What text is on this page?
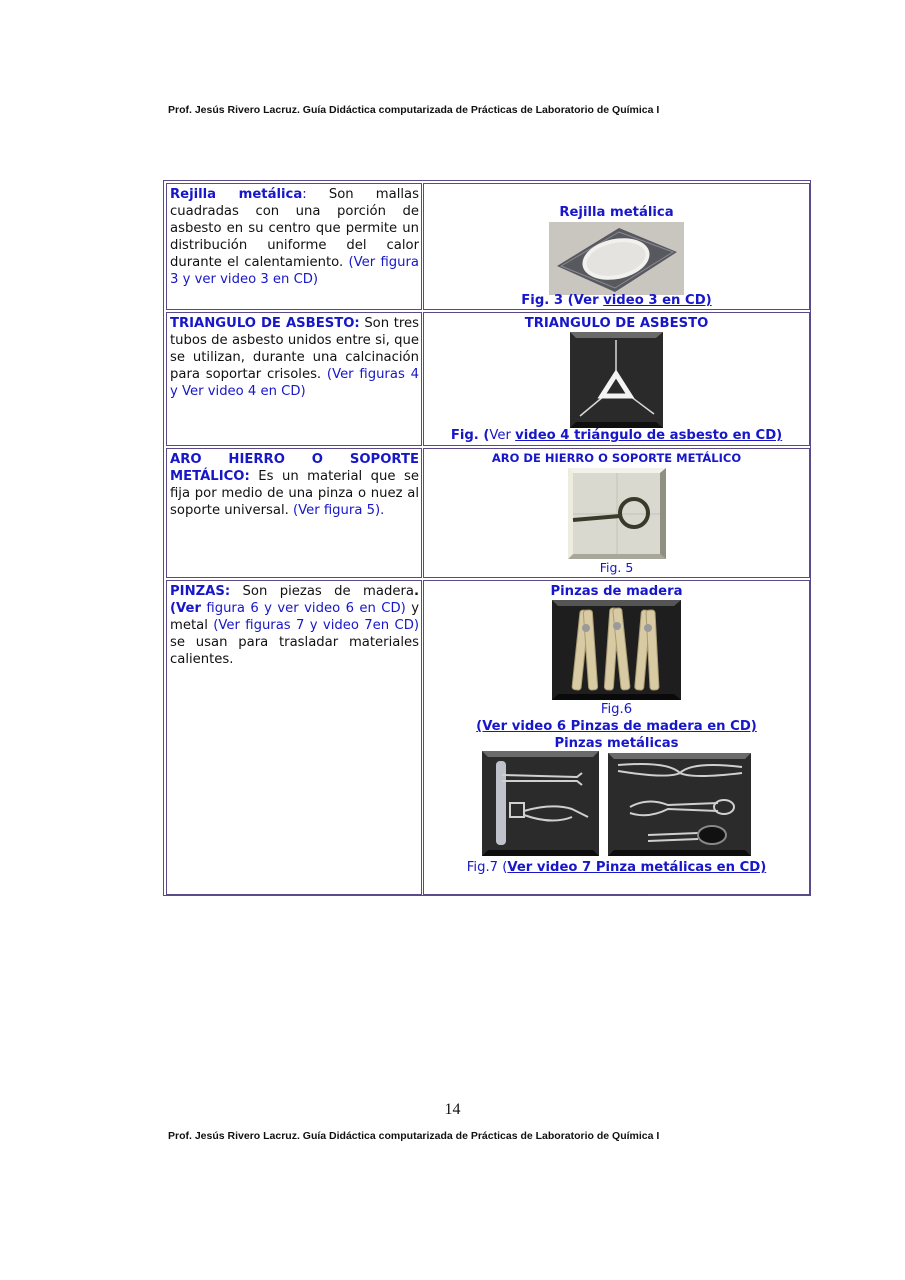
Prof. Jesús Rivero Lacruz. Guía Didáctica computarizada de Prácticas de Laboratorio de Química I
Rejilla metálica: Son mallas cuadradas con una porción de asbesto en su centro que permite un distribución uniforme del calor durante el calentamiento. (Ver figura 3 y ver video 3 en CD)
Rejilla metálica
Fig. 3 (Ver video 3 en CD)
TRIANGULO DE ASBESTO: Son tres tubos de asbesto unidos entre si, que se utilizan, durante una calcinación para soportar crisoles. (Ver figuras 4 y Ver video 4 en CD)
TRIANGULO DE ASBESTO
Fig. (Ver video 4 triángulo de asbesto en CD)
ARO HIERRO O SOPORTE METÁLICO: Es un material que se fija por medio de una pinza o nuez al soporte universal. (Ver figura 5).
ARO DE HIERRO O SOPORTE METÁLICO
Fig. 5
PINZAS: Son piezas de madera. (Ver figura 6 y ver video 6 en CD) y metal (Ver figuras 7 y video 7en CD) se usan para trasladar materiales calientes.
Pinzas de madera
Fig.6
(Ver video 6 Pinzas de madera en CD)
Pinzas metálicas
Fig.7 (Ver video 7 Pinza metálicas en CD)
14
Prof. Jesús Rivero Lacruz. Guía Didáctica computarizada de Prácticas de Laboratorio de Química I
